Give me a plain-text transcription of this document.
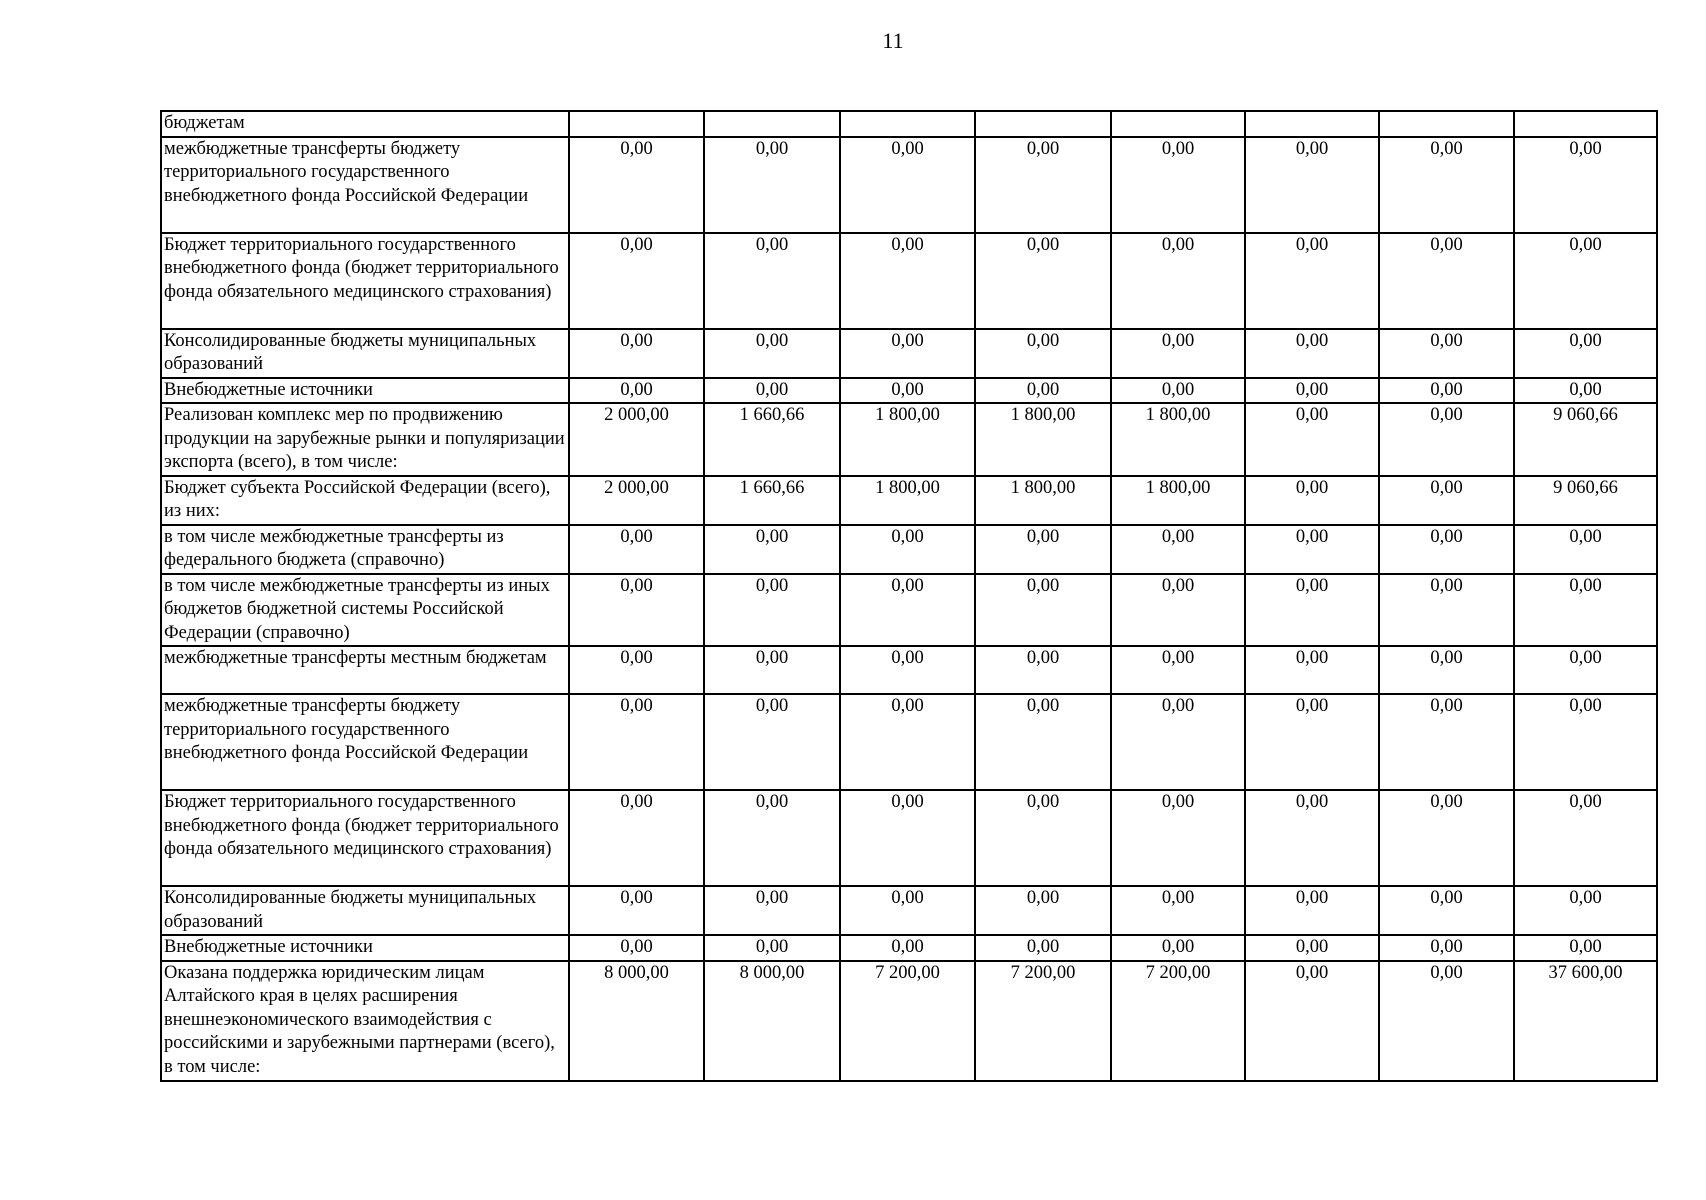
11
бюджетам								
межбюджетные трансферты бюджету территориального государственного внебюджетного фонда Российской Федерации	0,00	0,00	0,00	0,00	0,00	0,00	0,00	0,00
Бюджет территориального государственного внебюджетного фонда (бюджет территориального фонда обязательного медицинского страхования)	0,00	0,00	0,00	0,00	0,00	0,00	0,00	0,00
Консолидированные бюджеты муниципальных образований	0,00	0,00	0,00	0,00	0,00	0,00	0,00	0,00
Внебюджетные источники	0,00	0,00	0,00	0,00	0,00	0,00	0,00	0,00
Реализован комплекс мер по продвижению продукции на зарубежные рынки и популяризации экспорта (всего), в том числе:	2 000,00	1 660,66	1 800,00	1 800,00	1 800,00	0,00	0,00	9 060,66
Бюджет субъекта Российской Федерации (всего), из них:	2 000,00	1 660,66	1 800,00	1 800,00	1 800,00	0,00	0,00	9 060,66
в том числе межбюджетные трансферты из федерального бюджета (справочно)	0,00	0,00	0,00	0,00	0,00	0,00	0,00	0,00
в том числе межбюджетные трансферты из иных бюджетов бюджетной системы Российской Федерации (справочно)	0,00	0,00	0,00	0,00	0,00	0,00	0,00	0,00
межбюджетные трансферты местным бюджетам	0,00	0,00	0,00	0,00	0,00	0,00	0,00	0,00
межбюджетные трансферты бюджету территориального государственного внебюджетного фонда Российской Федерации	0,00	0,00	0,00	0,00	0,00	0,00	0,00	0,00
Бюджет территориального государственного внебюджетного фонда (бюджет территориального фонда обязательного медицинского страхования)	0,00	0,00	0,00	0,00	0,00	0,00	0,00	0,00
Консолидированные бюджеты муниципальных образований	0,00	0,00	0,00	0,00	0,00	0,00	0,00	0,00
Внебюджетные источники	0,00	0,00	0,00	0,00	0,00	0,00	0,00	0,00
Оказана поддержка юридическим лицам Алтайского края в целях расширения внешнеэкономического взаимодействия с российскими и зарубежными партнерами (всего), в том числе:	8 000,00	8 000,00	7 200,00	7 200,00	7 200,00	0,00	0,00	37 600,00
